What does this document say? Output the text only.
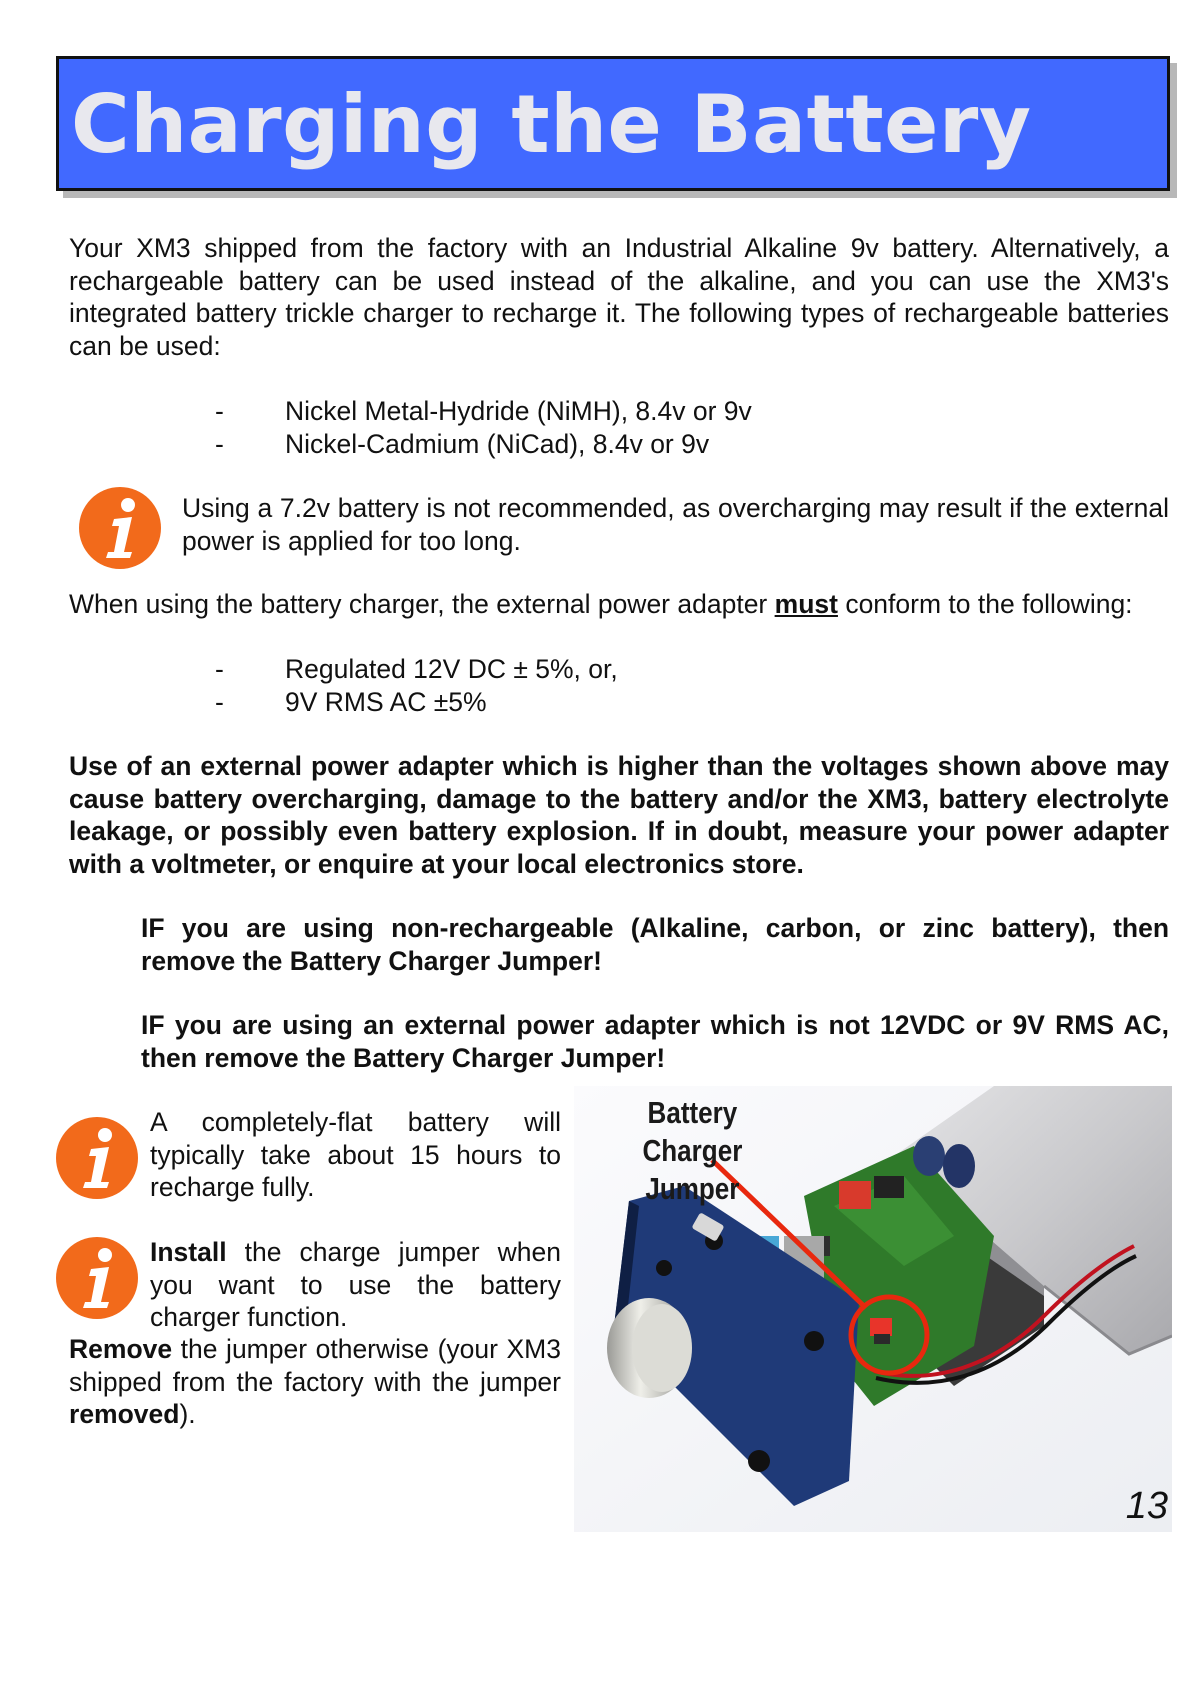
Charging the Battery

Your XM3 shipped from the factory with an Industrial Alkaline 9v battery. Alternatively, a rechargeable battery can be used instead of the alkaline, and you can use the XM3's integrated battery trickle charger to recharge it. The following types of rechargeable batteries can be used:

- Nickel Metal-Hydride (NiMH), 8.4v or 9v
- Nickel-Cadmium (NiCad), 8.4v or 9v

Using a 7.2v battery is not recommended, as overcharging may result if the external power is applied for too long.

When using the battery charger, the external power adapter must conform to the following:

- Regulated 12V DC ± 5%, or,
- 9V RMS AC ±5%

Use of an external power adapter which is higher than the voltages shown above may cause battery overcharging, damage to the battery and/or the XM3, battery electrolyte leakage, or possibly even battery explosion. If in doubt, measure your power adapter with a voltmeter, or enquire at your local electronics store.

IF you are using non-rechargeable (Alkaline, carbon, or zinc battery), then remove the Battery Charger Jumper!

IF you are using an external power adapter which is not 12VDC or 9V RMS AC, then remove the Battery Charger Jumper!

A completely-flat battery will typically take about 15 hours to recharge fully.

Install the charge jumper when you want to use the battery charger function.

Remove the jumper otherwise (your XM3 shipped from the factory with the jumper removed).

Battery Charger
Jumper
13
